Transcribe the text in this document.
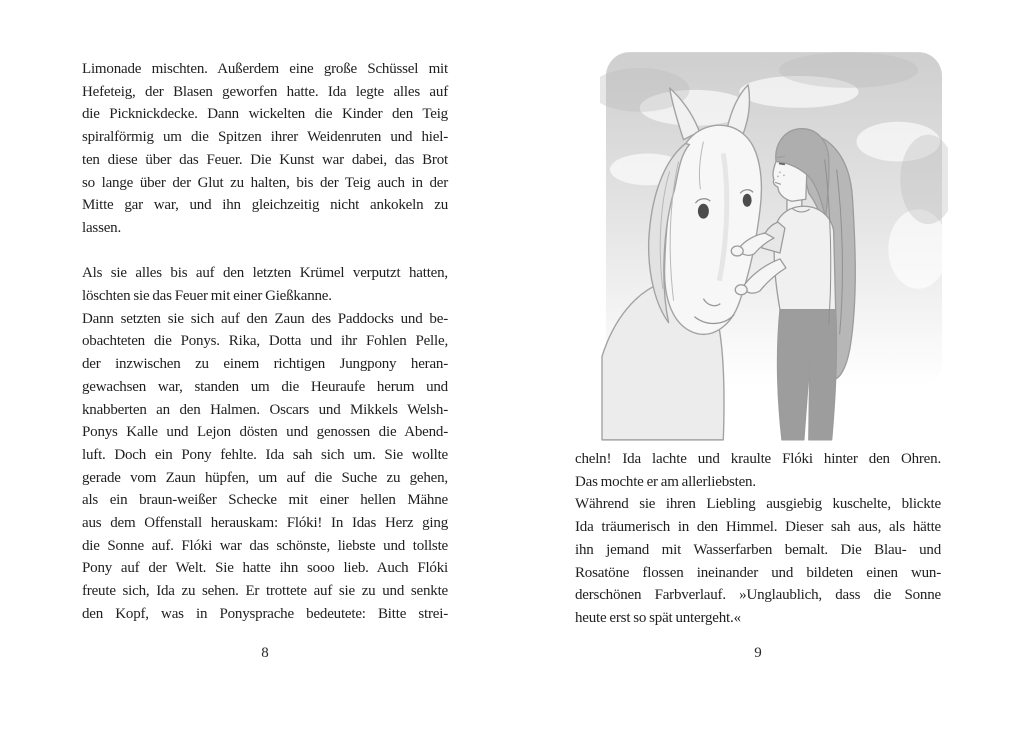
Limonade mischten. Außerdem eine große Schüssel mit
Hefeteig, der Blasen geworfen hatte. Ida legte alles auf
die Picknickdecke. Dann wickelten die Kinder den Teig
spiralförmig um die Spitzen ihrer Weidenruten und hiel-
ten diese über das Feuer. Die Kunst war dabei, das Brot
so lange über der Glut zu halten, bis der Teig auch in der
Mitte gar war, und ihn gleichzeitig nicht ankokeln zu
lassen.
Als sie alles bis auf den letzten Krümel verputzt hatten,
löschten sie das Feuer mit einer Gießkanne.
Dann setzten sie sich auf den Zaun des Paddocks und be-
obachteten die Ponys. Rika, Dotta und ihr Fohlen Pelle,
der inzwischen zu einem richtigen Jungpony heran-
gewachsen war, standen um die Heuraufe herum und
knabberten an den Halmen. Oscars und Mikkels Welsh-
Ponys Kalle und Lejon dösten und genossen die Abend-
luft. Doch ein Pony fehlte. Ida sah sich um. Sie wollte
gerade vom Zaun hüpfen, um auf die Suche zu gehen,
als ein braun-weißer Schecke mit einer hellen Mähne
aus dem Offenstall herauskam: Flóki! In Idas Herz ging
die Sonne auf. Flóki war das schönste, liebste und tollste
Pony auf der Welt. Sie hatte ihn sooo lieb. Auch Flóki
freute sich, Ida zu sehen. Er trottete auf sie zu und senkte
den Kopf, was in Ponysprache bedeutete: Bitte strei-
8
cheln! Ida lachte und kraulte Flóki hinter den Ohren.
Das mochte er am allerliebsten.
Während sie ihren Liebling ausgiebig kuschelte, blickte
Ida träumerisch in den Himmel. Dieser sah aus, als hätte
ihn jemand mit Wasserfarben bemalt. Die Blau- und
Rosatöne flossen ineinander und bildeten einen wun-
derschönen Farbverlauf. »Unglaublich, dass die Sonne
heute erst so spät untergeht.«
9
